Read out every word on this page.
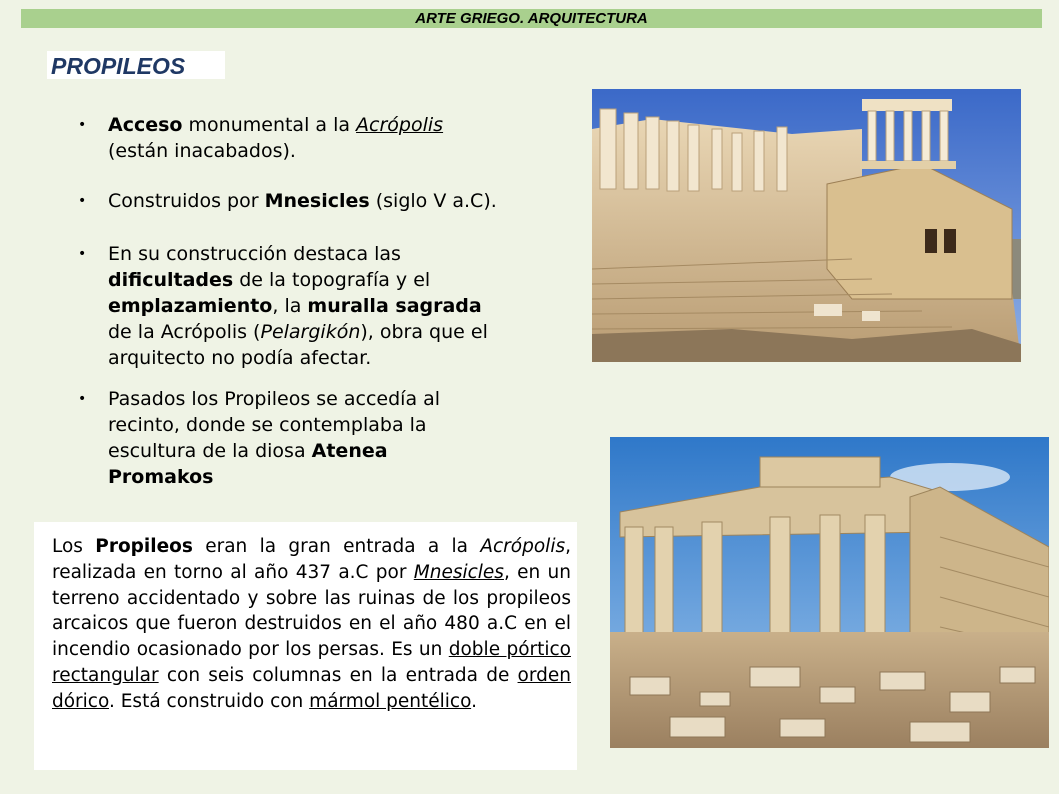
ARTE GRIEGO. ARQUITECTURA
PROPILEOS
• Acceso monumental a la Acrópolis
(están inacabados).
• Construidos por Mnesicles (siglo V a.C).
• En su construcción destaca las
dificultades de la topografía y el
emplazamiento, la muralla sagrada
de la Acrópolis (Pelargikón), obra que el
arquitecto no podía afectar.
• Pasados los Propileos se accedía al
recinto, donde se contemplaba la
escultura de la diosa Atenea
Promakos
Los Propileos eran la gran entrada a la Acrópolis, realizada en torno al año 437 a.C por Mnesicles, en un terreno accidentado y sobre las ruinas de los propileos arcaicos que fueron destruidos en el año 480 a.C en el incendio ocasionado por los persas. Es un doble pórtico rectangular con seis columnas en la entrada de orden dórico. Está construido con mármol pentélico.
